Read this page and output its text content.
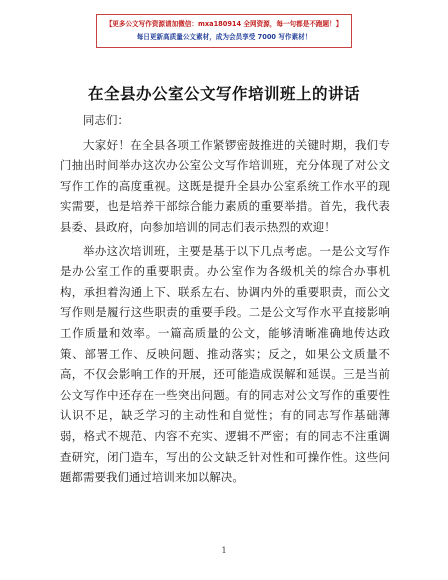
【更多公文写作资源请加微信：mxa180914 全网资源，每一句都是不跑题！】
每日更新高质量公文素材，成为会员享受 7000 写作素材！
在全县办公室公文写作培训班上的讲话

同志们：

大家好！在全县各项工作紧锣密鼓推进的关键时期，我们专门抽出时间举办这次办公室公文写作培训班，充分体现了对公文写作工作的高度重视。这既是提升全县办公室系统工作水平的现实需要，也是培养干部综合能力素质的重要举措。首先，我代表县委、县政府，向参加培训的同志们表示热烈的欢迎！

举办这次培训班，主要是基于以下几点考虑。一是公文写作是办公室工作的重要职责。办公室作为各级机关的综合办事机构，承担着沟通上下、联系左右、协调内外的重要职责，而公文写作则是履行这些职责的重要手段。二是公文写作水平直接影响工作质量和效率。一篇高质量的公文，能够清晰准确地传达政策、部署工作、反映问题、推动落实；反之，如果公文质量不高，不仅会影响工作的开展，还可能造成误解和延误。三是当前公文写作中还存在一些突出问题。有的同志对公文写作的重要性认识不足，缺乏学习的主动性和自觉性；有的同志写作基础薄弱，格式不规范、内容不充实、逻辑不严密；有的同志不注重调查研究，闭门造车，写出的公文缺乏针对性和可操作性。这些问题都需要我们通过培训来加以解决。

1
